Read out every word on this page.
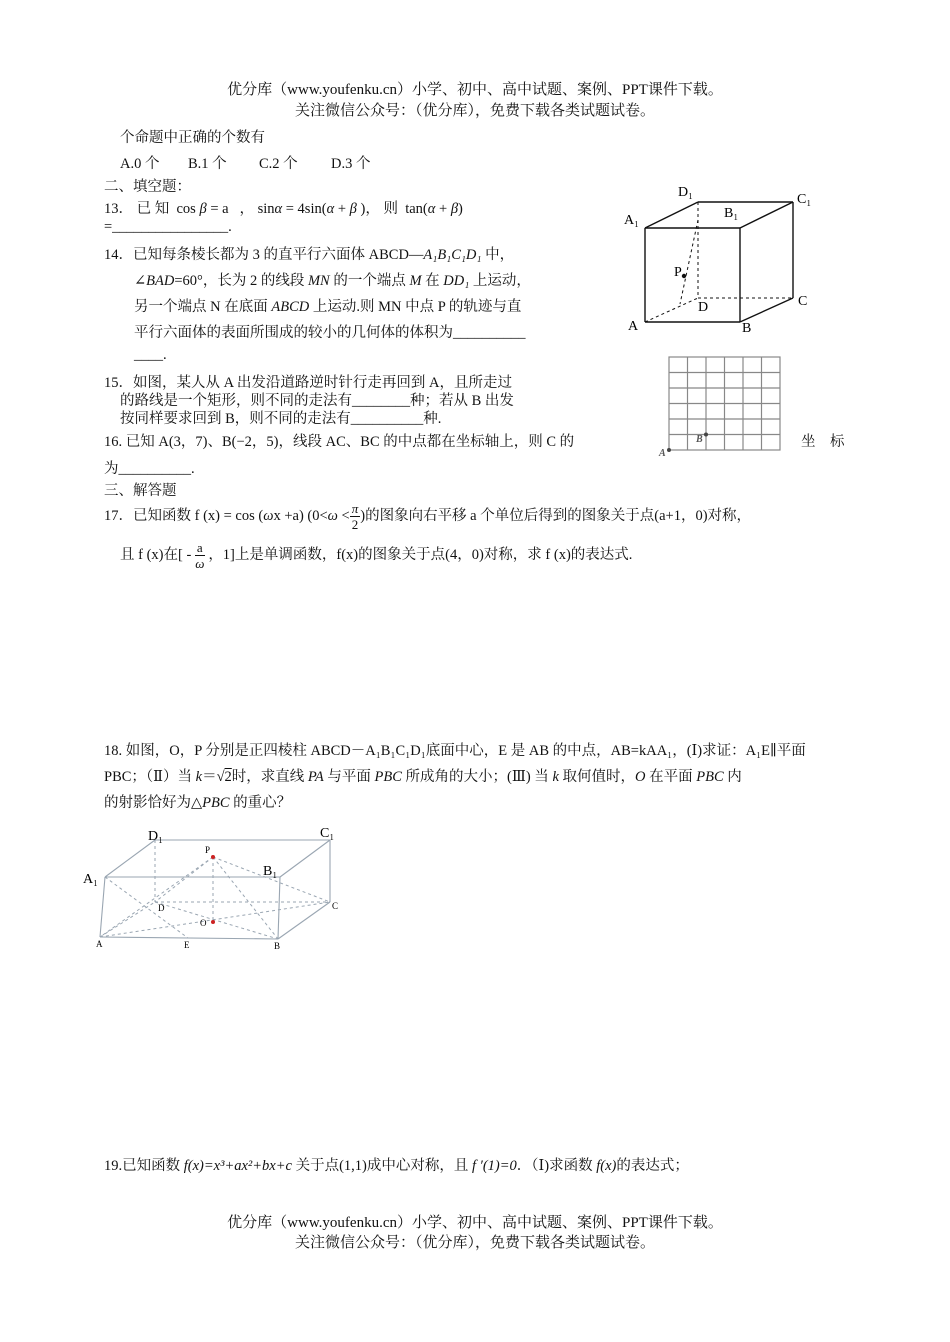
优分库（www.youfenku.cn）小学、初中、高中试题、案例、PPT课件下载。
关注微信公众号：（优分库），免费下载各类试题试卷。
个命题中正确的个数有
A.0 个 B.1 个 C.2 个 D.3 个
二、填空题：
13． 已 知 cos β = a   ， sinα = 4sin(α + β )， 则 tan(α + β)
=________________.
14．已知每条棱长都为 3 的直平行六面体 ABCD—A₁B₁C₁D₁ 中，
∠BAD=60°，长为 2 的线段 MN 的一个端点 M 在 DD₁ 上运动，
另一个端点 N 在底面 ABCD 上运动.则 MN 中点 P 的轨迹与直
平行六面体的表面所围成的较小的几何体的体积为__________
____.
D₁	C₁
A₁	B₁
P
D	C
A	B
15．如图，某人从 A 出发沿道路逆时针行走再回到 A，且所走过
的路线是一个矩形，则不同的走法有________种；若从 B 出发
按同样要求回到 B，则不同的走法有__________种.
A
B
16. 已知 A(3，7)、B(−2，5)，线段 AC、BC 的中点都在坐标轴上，则 C 的	坐　标
为__________.
三、解答题
17．已知函数 f (x) = cos (ωx +a) ($0<\omega < \frac{\pi}{2}$ )的图象向右平移 a 个单位后得到的图象关于点(a+1，0)对称，
且 f (x)在[ - $\frac{a}{\omega}$ ，1]上是单调函数，f(x)的图象关于点(4，0)对称，求 f (x)的表达式.
18. 如图，O，P 分别是正四棱柱 ABCD－A₁B₁C₁D₁底面中心，E 是 AB 的中点，AB=kAA₁，(Ⅰ)求证：A₁E∥平面
PBC；（Ⅱ）当 k＝√2时，求直线 PA 与平面 PBC 所成角的大小；(Ⅲ) 当 k 取何值时，O 在平面 PBC 内
的射影恰好为△PBC 的重心？
D₁	C₁
A₁
B₁
P
D	C
O
A	E	B
19.已知函数 f(x)=x³+ax²+bx+c 关于点(1,1)成中心对称，且 f ′(1)=0．（Ⅰ)求函数 f(x)的表达式；
优分库（www.youfenku.cn）小学、初中、高中试题、案例、PPT课件下载。
关注微信公众号：（优分库），免费下载各类试题试卷。
